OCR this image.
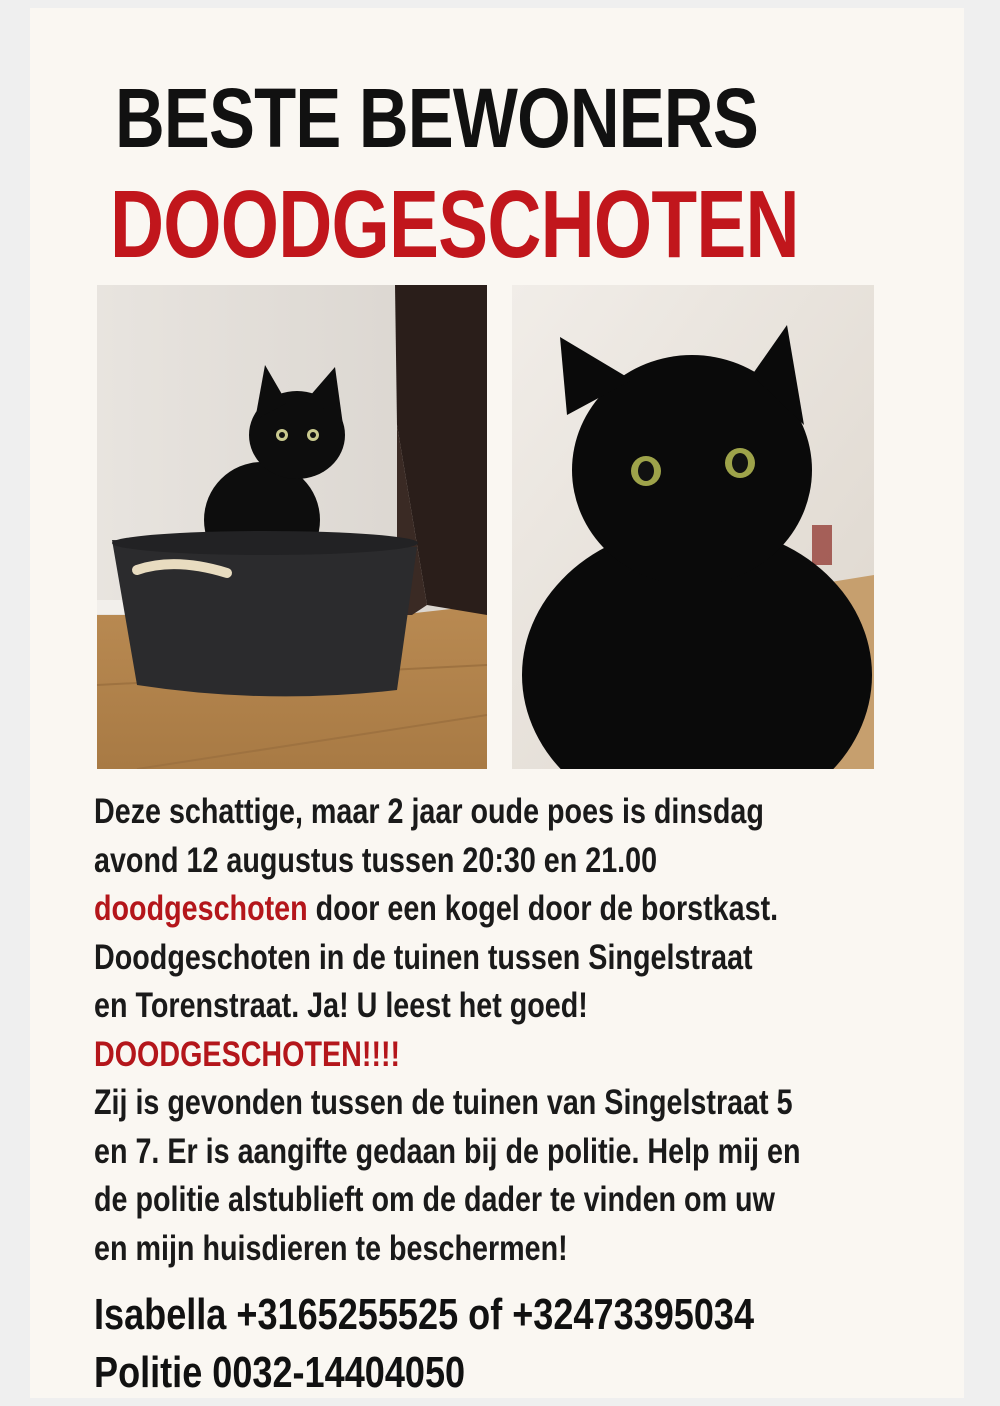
BESTE BEWONERS
DOODGESCHOTEN
Deze schattige, maar 2 jaar oude poes is dinsdag
avond 12 augustus tussen 20:30 en 21.00
doodgeschoten door een kogel door de borstkast.
Doodgeschoten in de tuinen tussen Singelstraat
en Torenstraat. Ja! U leest het goed!
DOODGESCHOTEN!!!!
Zij is gevonden tussen de tuinen van Singelstraat 5
en 7. Er is aangifte gedaan bij de politie. Help mij en
de politie alstublieft om de dader te vinden om uw
en mijn huisdieren te beschermen!
Isabella +3165255525 of +32473395034
Politie 0032-14404050
